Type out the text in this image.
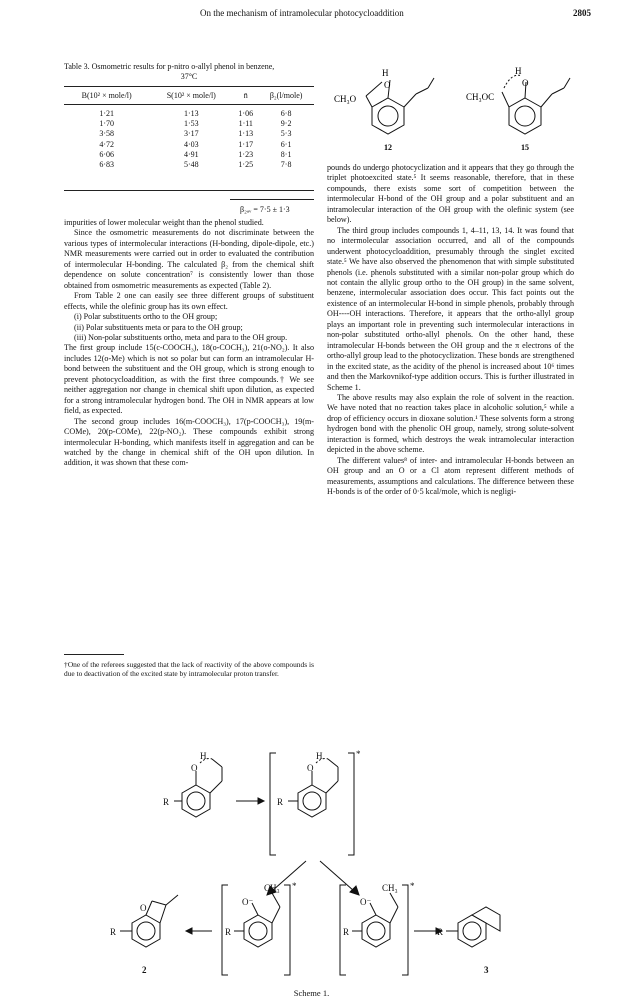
On the mechanism of intramolecular photocycloaddition	2805
Table 3. Osmometric results for p-nitro o-allyl phenol in benzene,
37°C
B(10² × mole/l)	S(10² × mole/l)	n̄	β₂(l/mole)
1·21	1·13	1·06	6·8
1·70	1·53	1·11	9·2
3·58	3·17	1·13	5·3
4·72	4·03	1·17	6·1
6·06	4·91	1·23	8·1
6·83	5·48	1·25	7·8
β₂ₐᵥ = 7·5 ± 1·3

impurities of lower molecular weight than the phenol studied.

Since the osmometric measurements do not discriminate between the various types of intermolecular interactions (H-bonding, dipole-dipole, etc.) NMR measurements were carried out in order to evaluated the contribution of intermolecular H-bonding. The calculated β₂ from the chemical shift dependence on solute concentration⁷ is consistently lower than those obtained from osmometric measurements as expected (Table 2).

From Table 2 one can easily see three different groups of substituent effects, while the olefinic group has its own effect.

(i) Polar substituents ortho to the OH group;

(ii) Polar substituents meta or para to the OH group;

(iii) Non-polar substituents ortho, meta and para to the OH group.

The first group include 15(c-COOCH₃), 18(o-COCH₃), 21(o-NO₂). It also includes 12(o-Me) which is not so polar but can form an intramolecular H-bond between the substituent and the OH group, which is strong enough to prevent photocycloaddition, as with the first three compounds.† We see neither aggregation nor change in chemical shift upon dilution, as expected for a strong intramolecular hydrogen bond. The OH in NMR appears at low field, as expected.

The second group includes 16(m-COOCH₃), 17(p-COOCH₃), 19(m-COMe), 20(p-COMe), 22(p-NO₂). These compounds exhibit strong intermolecular H-bonding, which manifests itself in aggregation and can be watched by the change in chemical shift of the OH upon dilution. In addition, it was shown that these com-

†One of the referees suggested that the lack of reactivity of the above compounds is due to deactivation of the excited state by intramolecular proton transfer.

pounds do undergo photocyclization and it appears that they go through the triplet photoexcited state.⁵ It seems reasonable, therefore, that in these compounds, there exists some sort of competition between the intermolecular H-bond of the OH group and a polar substituent and an intramolecular interaction of the OH group with the olefinic system (see below).

The third group includes compounds 1, 4–11, 13, 14. It was found that no intermolecular association occurred, and all of the compounds underwent photocycloaddition, presumably through the singlet excited state.⁵ We have also observed the phenomenon that with simple substituted phenols (i.e. phenols substituted with a similar non-polar group which do not contain the allylic group ortho to the OH group) in the same solvent, benzene, intermolecular association does occur. This fact points out the existence of an intermolecular H-bond in simple phenols, probably through OH----OH interactions. Therefore, it appears that the ortho-allyl group plays an important role in preventing such intermolecular interactions in non-polar substituted ortho-allyl phenols. On the other hand, these intramolecular H-bonds between the OH group and the π electrons of the ortho-allyl group lead to the photocyclization. These bonds are strengthened in the excited state, as the acidity of the phenol is increased about 10⁶ times and then the Markovnikof-type addition occurs. This is further illustrated in Scheme 1.

The above results may also explain the role of solvent in the reaction. We have noted that no reaction takes place in alcoholic solution,⁵ while a drop of efficiency occurs in dioxane solution.¹ These solvents form a strong hydrogen bond with the phenolic OH group, namely, strong solute-solvent interaction is formed, which destroys the weak intramolecular interaction depicted in the above scheme.

The different values⁸ of inter- and intramolecular H-bonds between an OH group and an O or a Cl atom represent different methods of measurements, assumptions and calculations. The difference between these H-bonds is of the order of 0·5 kcal/mole, which is negligi-

H
O
CH₃O
H
O
CH₃OC
12	15
R
O
H
R
O
H	*
R
O
R
O⁻
CH₃ *
R
O⁻
CH₃ *
R
2	3
Scheme 1.
